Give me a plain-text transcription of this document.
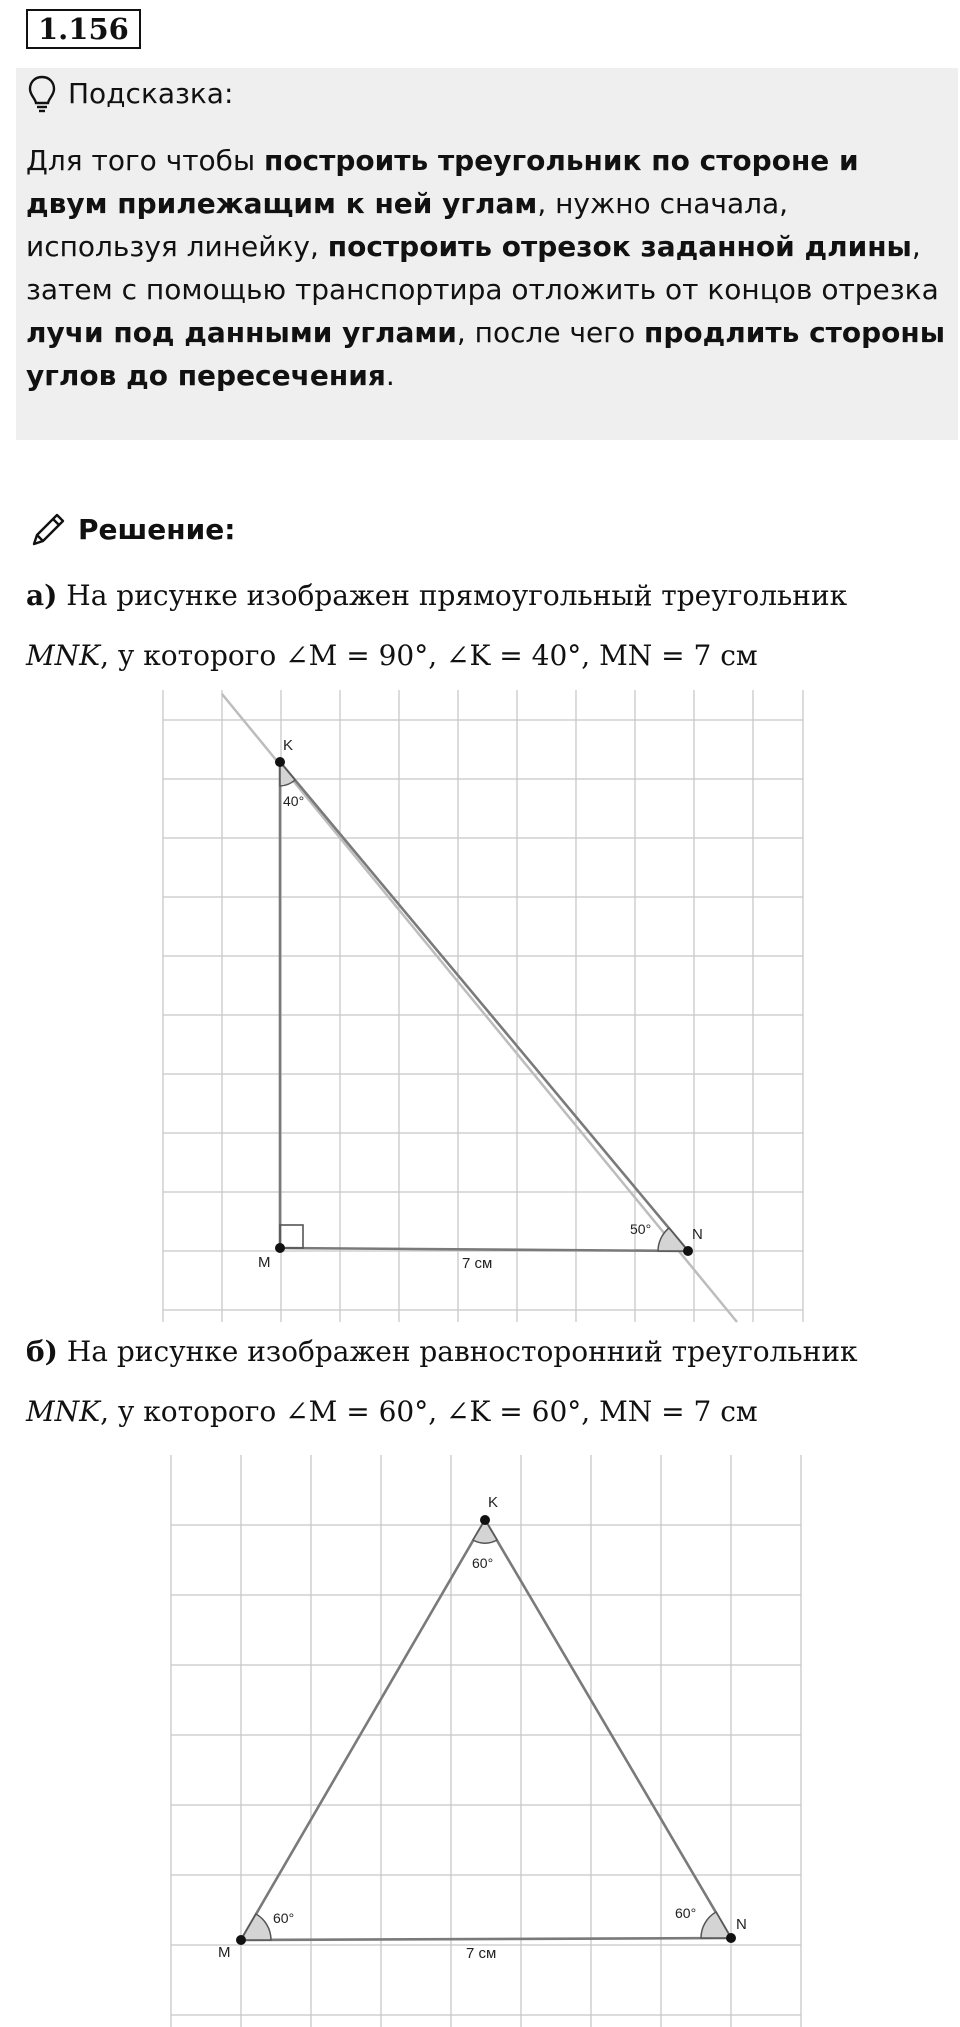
1.156
Подсказка:
Для того чтобы построить треугольник по стороне и двум прилежащим к ней углам, нужно сначала, используя линейку, построить отрезок заданной длины, затем с помощью транспортира отложить от концов отрезка лучи под данными углами, после чего продлить стороны углов до пересечения.
Решение:
а) На рисунке изображен прямоугольный треугольник
MNK, у которого ∠M = 90°, ∠K = 40°, MN = 7 см
K
M
N
40°
50°
7 см
б) На рисунке изображен равносторонний треугольник
MNK, у которого ∠M = 60°, ∠K = 60°, MN = 7 см
K
M
N
60°
60°	60°
7 см
